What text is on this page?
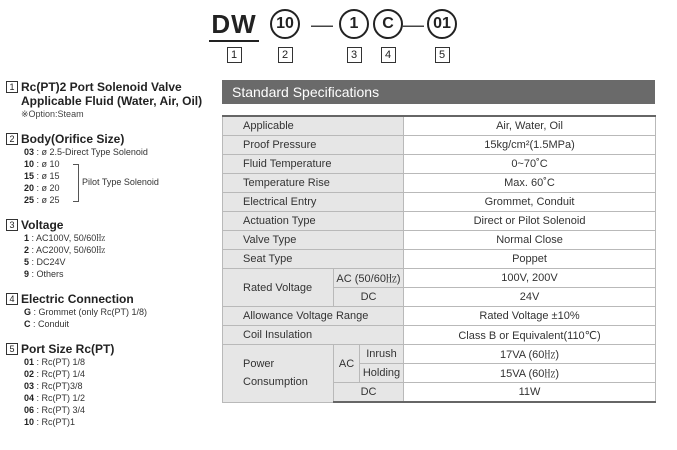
DW
1
10
2
—	1
3
C
4
— 01
5
1 Rc(PT)2 Port Solenoid Valve
Applicable Fluid (Water, Air, Oil)
※Option:Steam
2 Body(Orifice Size)
03 : ø 2.5-Direct Type Solenoid
10 : ø 10
15 : ø 15
20 : ø 20
25 : ø 25
Pilot Type Solenoid
3 Voltage
1 : AC100V, 50/60㎐
2 : AC200V, 50/60㎐
5 : DC24V
9 : Others
4 Electric Connection
G : Grommet (only Rc(PT) 1/8)
C : Conduit
5 Port Size Rc(PT)
01 : Rc(PT) 1/8
02 : Rc(PT) 1/4
03 : Rc(PT)3/8
04 : Rc(PT) 1/2
06 : Rc(PT) 3/4
10 : Rc(PT)1
Standard Specifications
Applicable			Air, Water, Oil
Proof Pressure			15kg/cm²(1.5MPa)
Fluid Temperature			0~70˚C
Temperature Rise			Max. 60˚C
Electrical Entry			Grommet, Conduit
Actuation Type			Direct or Pilot Solenoid
Valve Type			Normal Close
Seat Type			Poppet
Rated Voltage	AC (50/60㎐)		100V, 200V
	DC		24V
Allowance Voltage Range			Rated Voltage ±10%
Coil Insulation			Class B or Equivalent(110℃)

Power
Consumption	AC	Inrush	17VA (60㎐)
		Holding	15VA (60㎐)
	DC		11W
